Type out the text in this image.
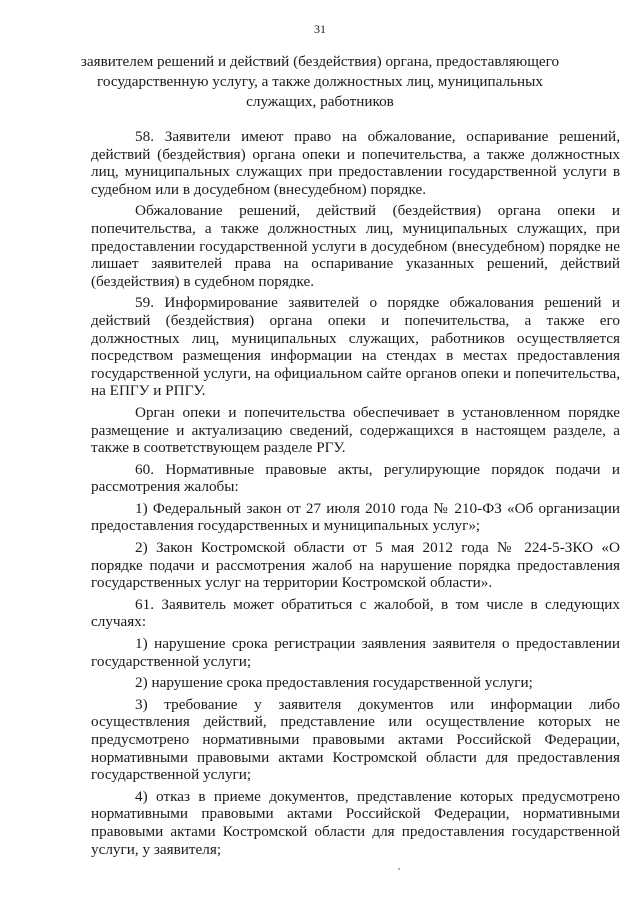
31
заявителем решений и действий (бездействия) органа, предоставляющего государственную услугу, а также должностных лиц, муниципальных служащих, работников

58. Заявители имеют право на обжалование, оспаривание решений, действий (бездействия) органа опеки и попечительства, а также должностных лиц, муниципальных служащих при предоставлении государственной услуги в судебном или в досудебном (внесудебном) порядке.

Обжалование решений, действий (бездействия) органа опеки и попечительства, а также должностных лиц, муниципальных служащих, при предоставлении государственной услуги в досудебном (внесудебном) порядке не лишает заявителей права на оспаривание указанных решений, действий (бездействия) в судебном порядке.

59. Информирование заявителей о порядке обжалования решений и действий (бездействия) органа опеки и попечительства, а также его должностных лиц, муниципальных служащих, работников осуществляется посредством размещения информации на стендах в местах предоставления государственной услуги, на официальном сайте органов опеки и попечительства, на ЕПГУ и РПГУ.

Орган опеки и попечительства обеспечивает в установленном порядке размещение и актуализацию сведений, содержащихся в настоящем разделе, а также в соответствующем разделе РГУ.

60. Нормативные правовые акты, регулирующие порядок подачи и рассмотрения жалобы:

1) Федеральный закон от 27 июля 2010 года № 210-ФЗ «Об организации предоставления государственных и муниципальных услуг»;

2) Закон Костромской области от 5 мая 2012 года № 224-5-ЗКО «О порядке подачи и рассмотрения жалоб на нарушение порядка предоставления государственных услуг на территории Костромской области».

61. Заявитель может обратиться с жалобой, в том числе в следующих случаях:

1) нарушение срока регистрации заявления заявителя о предоставлении государственной услуги;

2) нарушение срока предоставления государственной услуги;

3) требование у заявителя документов или информации либо осуществления действий, представление или осуществление которых не предусмотрено нормативными правовыми актами Российской Федерации, нормативными правовыми актами Костромской области для предоставления государственной услуги;

4) отказ в приеме документов, представление которых предусмотрено нормативными правовыми актами Российской Федерации, нормативными правовыми актами Костромской области для предоставления государственной услуги, у заявителя;
